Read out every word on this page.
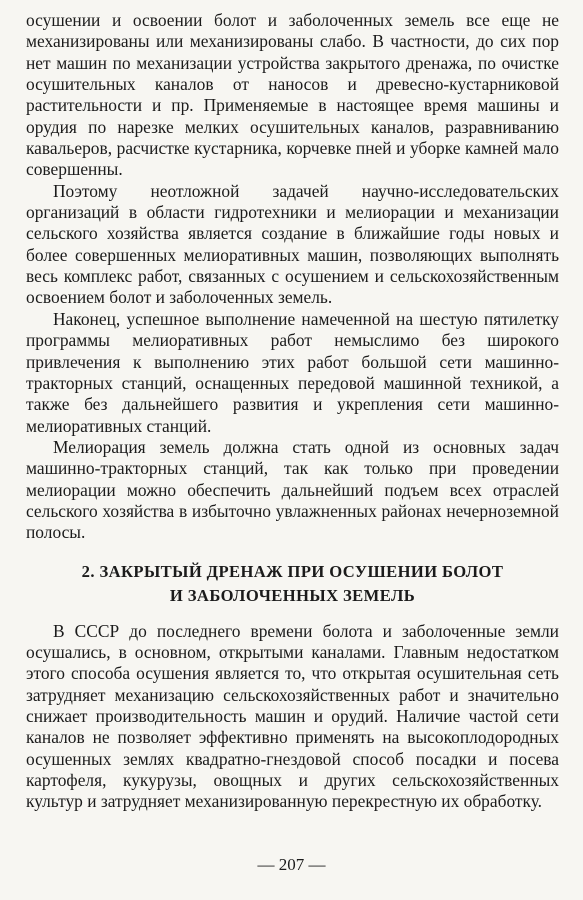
осушении и освоении болот и заболоченных земель все еще не механизированы или механизированы слабо. В частности, до сих пор нет машин по механизации устройства закрытого дренажа, по очистке осушительных каналов от наносов и древесно-кустарниковой растительности и пр. Применяемые в настоящее время машины и орудия по нарезке мелких осушительных каналов, разравниванию кавальеров, расчистке кустарника, корчевке пней и уборке камней мало совершенны.

Поэтому неотложной задачей научно-исследовательских организаций в области гидротехники и мелиорации и механизации сельского хозяйства является создание в ближайшие годы новых и более совершенных мелиоративных машин, позволяющих выполнять весь комплекс работ, связанных с осушением и сельскохозяйственным освоением болот и заболоченных земель.

Наконец, успешное выполнение намеченной на шестую пятилетку программы мелиоративных работ немыслимо без широкого привлечения к выполнению этих работ большой сети машинно-тракторных станций, оснащенных передовой машинной техникой, а также без дальнейшего развития и укрепления сети машинно-мелиоративных станций.

Мелиорация земель должна стать одной из основных задач машинно-тракторных станций, так как только при проведении мелиорации можно обеспечить дальнейший подъем всех отраслей сельского хозяйства в избыточно увлажненных районах нечерноземной полосы.

2. ЗАКРЫТЫЙ ДРЕНАЖ ПРИ ОСУШЕНИИ БОЛОТ
И ЗАБОЛОЧЕННЫХ ЗЕМЕЛЬ

В СССР до последнего времени болота и заболоченные земли осушались, в основном, открытыми каналами. Главным недостатком этого способа осушения является то, что открытая осушительная сеть затрудняет механизацию сельскохозяйственных работ и значительно снижает производительность машин и орудий. Наличие частой сети каналов не позволяет эффективно применять на высокоплодородных осушенных землях квадратно-гнездовой способ посадки и посева картофеля, кукурузы, овощных и других сельскохозяйственных культур и затрудняет механизированную перекрестную их обработку.

— 207 —
